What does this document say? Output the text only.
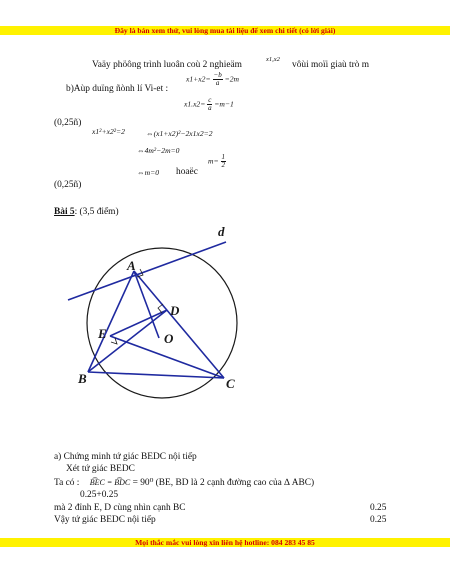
Đây là bản xem thử, vui lòng mua tài liệu để xem chi tiết (có lời giải)
Vaäy phöông trình luoân coù 2 nghieäm
x1,x2
vôùi moïi giaù trò m
b)Aùp duïng ñònh lí Vi-et :
$x1+x2= \frac{-b}{a} =2m$
$x1.x2= \frac{c}{a} =m-1$
(0,25ñ)
x1²+x2²=2	⇔(x1+x2)²−2x1x2=2
⇔4m²−2m=0
⇔m=0 hoaëc
$m= \frac{1}{2}$
(0,25ñ)
Bài 5: (3,5 điểm)
d
A
D
E	O
B	C
a) Chứng minh tứ giác BEDC nội tiếp
Xét tứ giác BEDC
Ta có : B͡EC = B͡DC = 90⁰ (BE, BD là 2 cạnh đường cao của ∆ ABC)
0.25+0.25
mà 2 đỉnh E, D cùng nhìn cạnh BC	0.25
Vậy tứ giác BEDC nội tiếp	0.25
Mọi thắc mắc vui lòng xin liên hệ hotline: 084 283 45 85
